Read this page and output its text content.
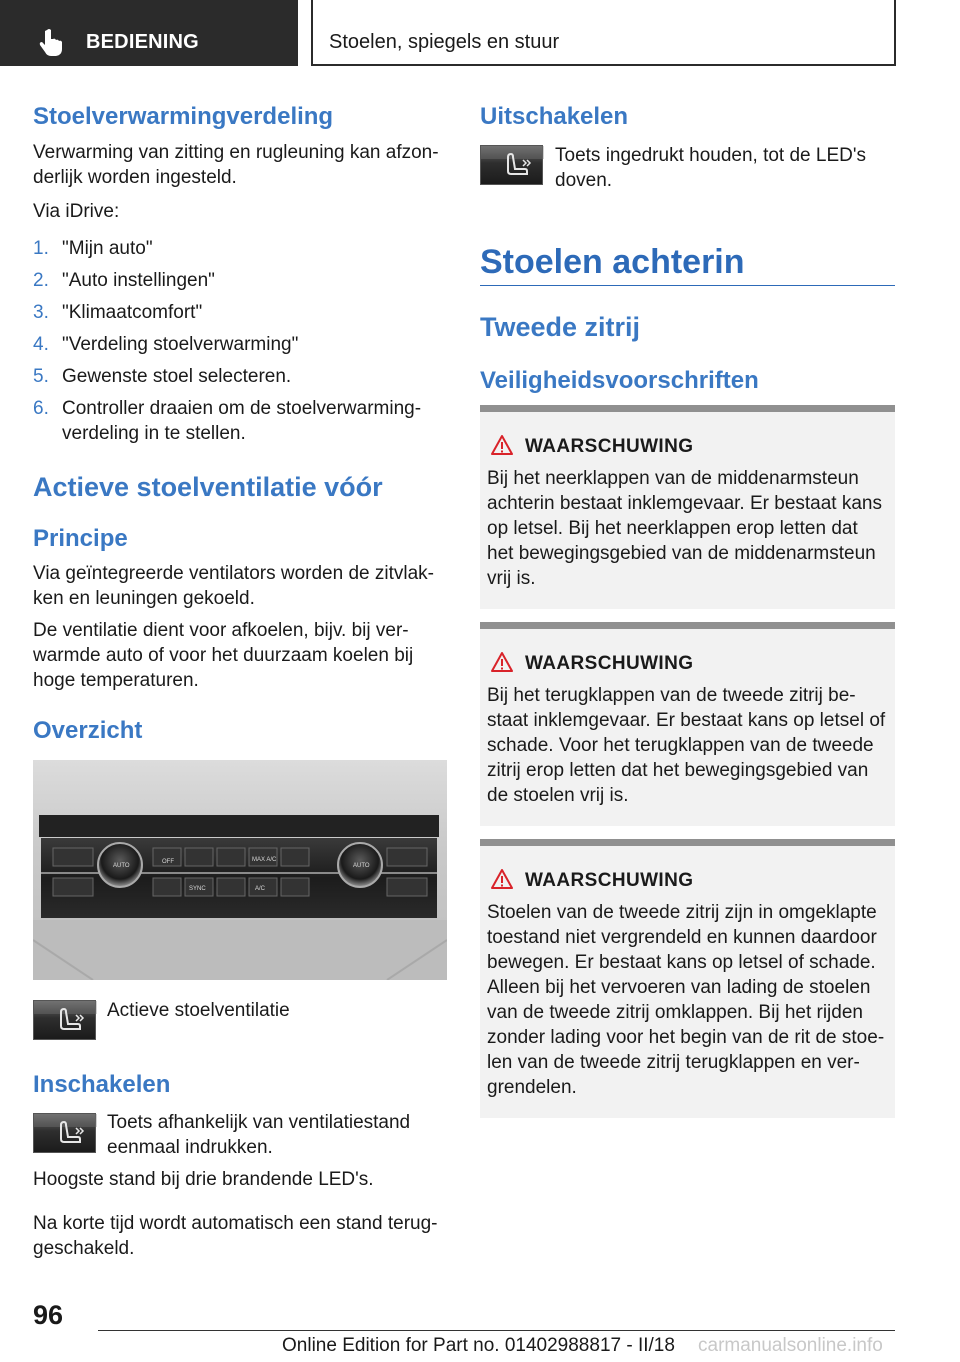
BEDIENING	Stoelen, spiegels en stuur
Stoelverwarmingverdeling
Verwarming van zitting en rugleuning kan afzon-
derlijk worden ingesteld.
Via iDrive:
1. "Mijn auto"
2. "Auto instellingen"
3. "Klimaatcomfort"
4. "Verdeling stoelverwarming"
5. Gewenste stoel selecteren.
6. Controller draaien om de stoelverwarming-
verdeling in te stellen.
Actieve stoelventilatie vóór
Principe
Via geïntegreerde ventilators worden de zitvlak-
ken en leuningen gekoeld.
De ventilatie dient voor afkoelen, bijv. bij ver-
warmde auto of voor het duurzaam koelen bij
hoge temperaturen.
Overzicht
AUTO	AUTO
OFF	MAX A/C
SYNC	A/C
Actieve stoelventilatie
Inschakelen
Toets afhankelijk van ventilatiestand
eenmaal indrukken.
Hoogste stand bij drie brandende LED's.
Na korte tijd wordt automatisch een stand terug-
geschakeld.
Uitschakelen
Toets ingedrukt houden, tot de LED's
doven.
Stoelen achterin
Tweede zitrij
Veiligheidsvoorschriften
WAARSCHUWING
Bij het neerklappen van de middenarmsteun
achterin bestaat inklemgevaar. Er bestaat kans
op letsel. Bij het neerklappen erop letten dat
het bewegingsgebied van de middenarmsteun
vrij is.
WAARSCHUWING
Bij het terugklappen van de tweede zitrij be-
staat inklemgevaar. Er bestaat kans op letsel of
schade. Voor het terugklappen van de tweede
zitrij erop letten dat het bewegingsgebied van
de stoelen vrij is.
WAARSCHUWING
Stoelen van de tweede zitrij zijn in omgeklapte
toestand niet vergrendeld en kunnen daardoor
bewegen. Er bestaat kans op letsel of schade.
Alleen bij het vervoeren van lading de stoelen
van de tweede zitrij omklappen. Bij het rijden
zonder lading voor het begin van de rit de stoe-
len van de tweede zitrij terugklappen en ver-
grendelen.
96
Online Edition for Part no. 01402988817 - II/18 carmanualsonline.info
